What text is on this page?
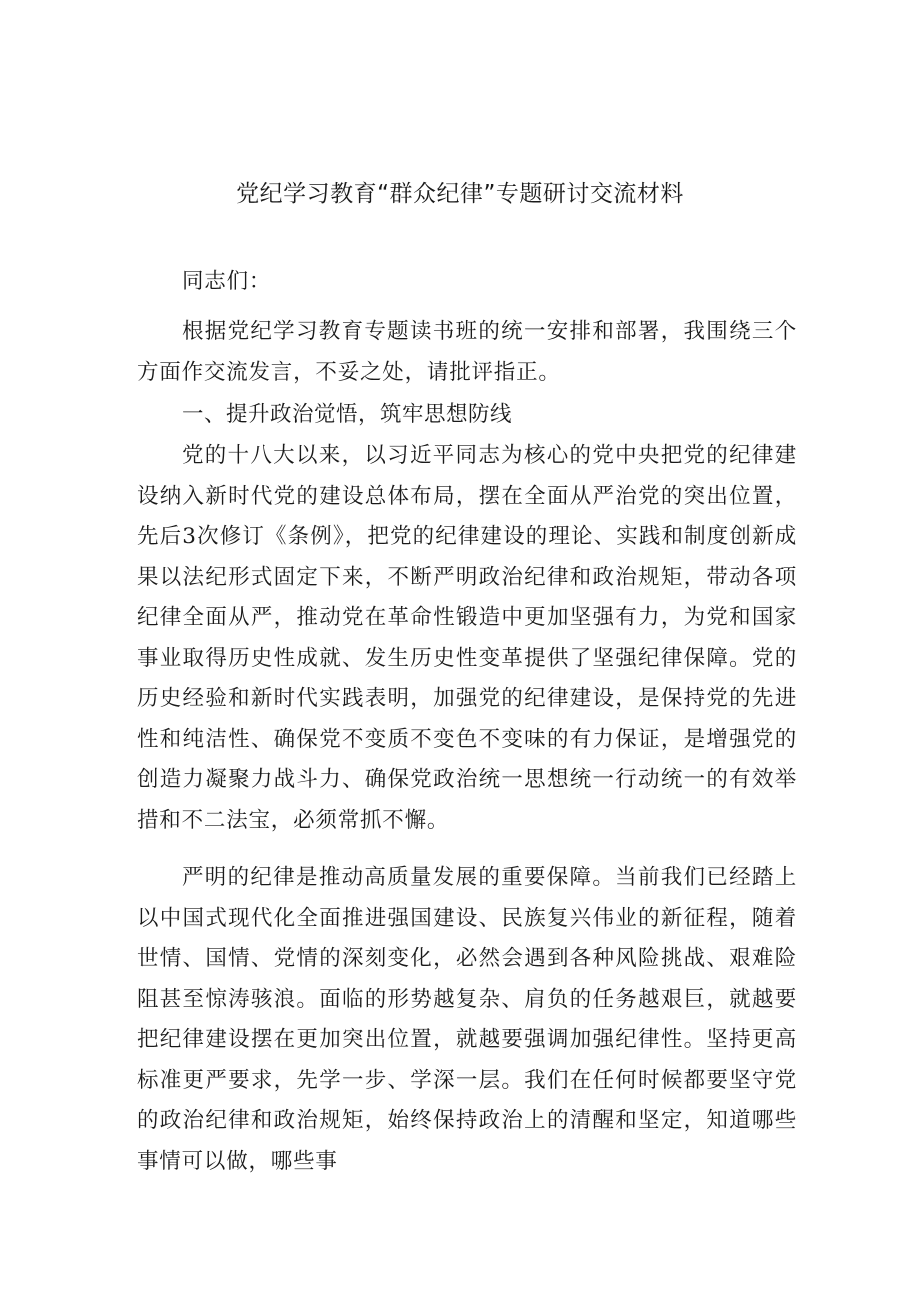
党纪学习教育“群众纪律”专题研讨交流材料
同志们：
根据党纪学习教育专题读书班的统一安排和部署，我围绕三个方面作交流发言，不妥之处，请批评指正。
一、提升政治觉悟，筑牢思想防线
党的十八大以来，以习近平同志为核心的党中央把党的纪律建设纳入新时代党的建设总体布局，摆在全面从严治党的突出位置，先后3次修订《条例》，把党的纪律建设的理论、实践和制度创新成果以法纪形式固定下来，不断严明政治纪律和政治规矩，带动各项纪律全面从严，推动党在革命性锻造中更加坚强有力，为党和国家事业取得历史性成就、发生历史性变革提供了坚强纪律保障。党的历史经验和新时代实践表明，加强党的纪律建设，是保持党的先进性和纯洁性、确保党不变质不变色不变味的有力保证，是增强党的创造力凝聚力战斗力、确保党政治统一思想统一行动统一的有效举措和不二法宝，必须常抓不懈。
严明的纪律是推动高质量发展的重要保障。当前我们已经踏上以中国式现代化全面推进强国建设、民族复兴伟业的新征程，随着世情、国情、党情的深刻变化，必然会遇到各种风险挑战、艰难险阻甚至惊涛骇浪。面临的形势越复杂、肩负的任务越艰巨，就越要把纪律建设摆在更加突出位置，就越要强调加强纪律性。坚持更高标准更严要求，先学一步、学深一层。我们在任何时候都要坚守党的政治纪律和政治规矩，始终保持政治上的清醒和坚定，知道哪些事情可以做，哪些事
